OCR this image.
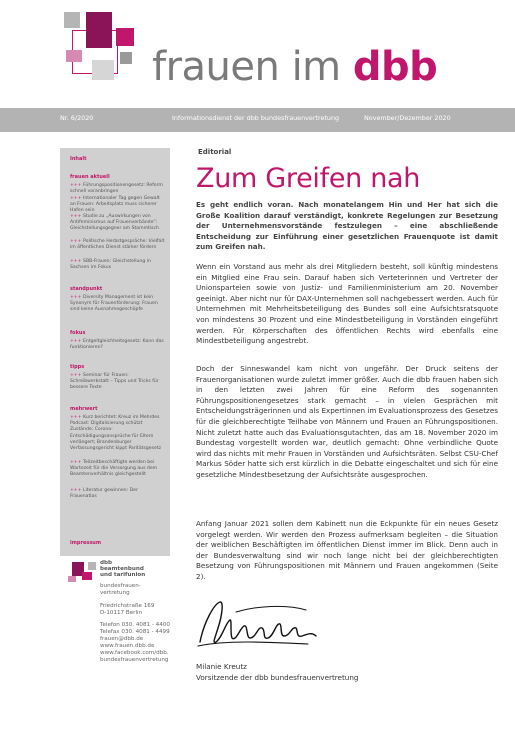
frauen im dbb
Nr. 6/2020	Informationsdienst der dbb bundesfrauenvertretung	November/Dezember 2020
Inhalt
frauen aktuell
+++ Führungspositionengesetz: Reform schnell voranbringen
+++ Internationaler Tag gegen Gewalt an Frauen: Arbeitsplatz muss sicherer Hafen sein
+++ Studie zu „Auswirkungen von Antifeminismus auf Frauenverbände“: Gleichstellungsgegner am Stammtisch
+++ Politische Herbstgespräche: Vielfalt im öffentlichen Dienst stärker fördern
+++ SBB-Frauen: Gleichstellung in Sachsen im Fokus
standpunkt
+++ Diversity Management ist kein Synonym für Frauenförderung: Frauen sind keine Ausnahmegeschöpfe
fokus
+++ Entgeltgleichheitsgesetz: Kann das funktionieren?
tipps
+++ Seminar für Frauen: Schreibwerkstatt – Tipps und Tricks für bessere Texte
mehrwert
+++ Kurz berichtet: Kreuz im Mehrdes Podcast: Digitalisierung schützt Zustände; Corona-Entschädigungsansprüche für Eltern verlängert; Brandenburger Verfassungsgericht kippt Paritätsgesetz
+++ Teilzeitbeschäftigte werden bei Wartezeit für die Versorgung aus dem Beamtenverhältnis gleichgestellt
+++ Literatur gewinnen: Der Frauenatlas
impressum
dbb
beamtenbund
und tarifunion
bundesfrauen-
vertretung
Friedrichstraße 169
D-10117 Berlin
Telefon 030. 4081 - 4400
Telefax 030. 4081 - 4499
frauen@dbb.de
www.frauen.dbb.de
www.facebook.com/dbb.
bundesfrauenvertretung
Editorial
Zum Greifen nah
Es geht endlich voran. Nach monatelangem Hin und Her hat sich die Große Koalition darauf verständigt, konkrete Regelungen zur Besetzung der Unternehmensvorstände festzulegen – eine abschließende Entscheidung zur Einführung einer gesetzlichen Frauenquote ist damit zum Greifen nah.
Wenn ein Vorstand aus mehr als drei Mitgliedern besteht, soll künftig mindestens ein Mitglied eine Frau sein. Darauf haben sich Verteterinnen und Vertreter der Unionsparteien sowie von Justiz- und Familienministerium am 20. November geeinigt. Aber nicht nur für DAX-Unternehmen soll nachgebessert werden. Auch für Unternehmen mit Mehrheitsbeteiligung des Bundes soll eine Aufsichtsratsquote von mindestens 30 Prozent und eine Mindestbeteiligung in Vorständen eingeführt werden. Für Körperschaften des öffentlichen Rechts wird ebenfalls eine Mindestbeteiligung angestrebt.
Doch der Sinneswandel kam nicht von ungefähr. Der Druck seitens der Frauenorganisationen wurde zuletzt immer größer. Auch die dbb frauen haben sich in den letzten zwei Jahren für eine Reform des sogenannten Führungspositionengesetzes stark gemacht – in vielen Gesprächen mit Entscheidungsträgerinnen und als Expertinnen im Evaluationsprozess des Gesetzes für die gleichberechtigte Teilhabe von Männern und Frauen an Führungspositionen. Nicht zuletzt hatte auch das Evaluationsgutachten, das am 18. November 2020 im Bundestag vorgestellt worden war, deutlich gemacht: Ohne verbindliche Quote wird das nichts mit mehr Frauen in Vorständen und Aufsichtsräten. Selbst CSU-Chef Markus Söder hatte sich erst kürzlich in die Debatte eingeschaltet und sich für eine gesetzliche Mindestbesetzung der Aufsichtsräte ausgesprochen.
Anfang Januar 2021 sollen dem Kabinett nun die Eckpunkte für ein neues Gesetz vorgelegt werden. Wir werden den Prozess aufmerksam begleiten – die Situation der weiblichen Beschäftigten im öffentlichen Dienst immer im Blick. Denn auch in der Bundesverwaltung sind wir noch lange nicht bei der gleichberechtigten Besetzung von Führungspositionen mit Männern und Frauen angekommen (Seite 2).
Milanie Kreutz
Vorsitzende der dbb bundesfrauenvertretung
